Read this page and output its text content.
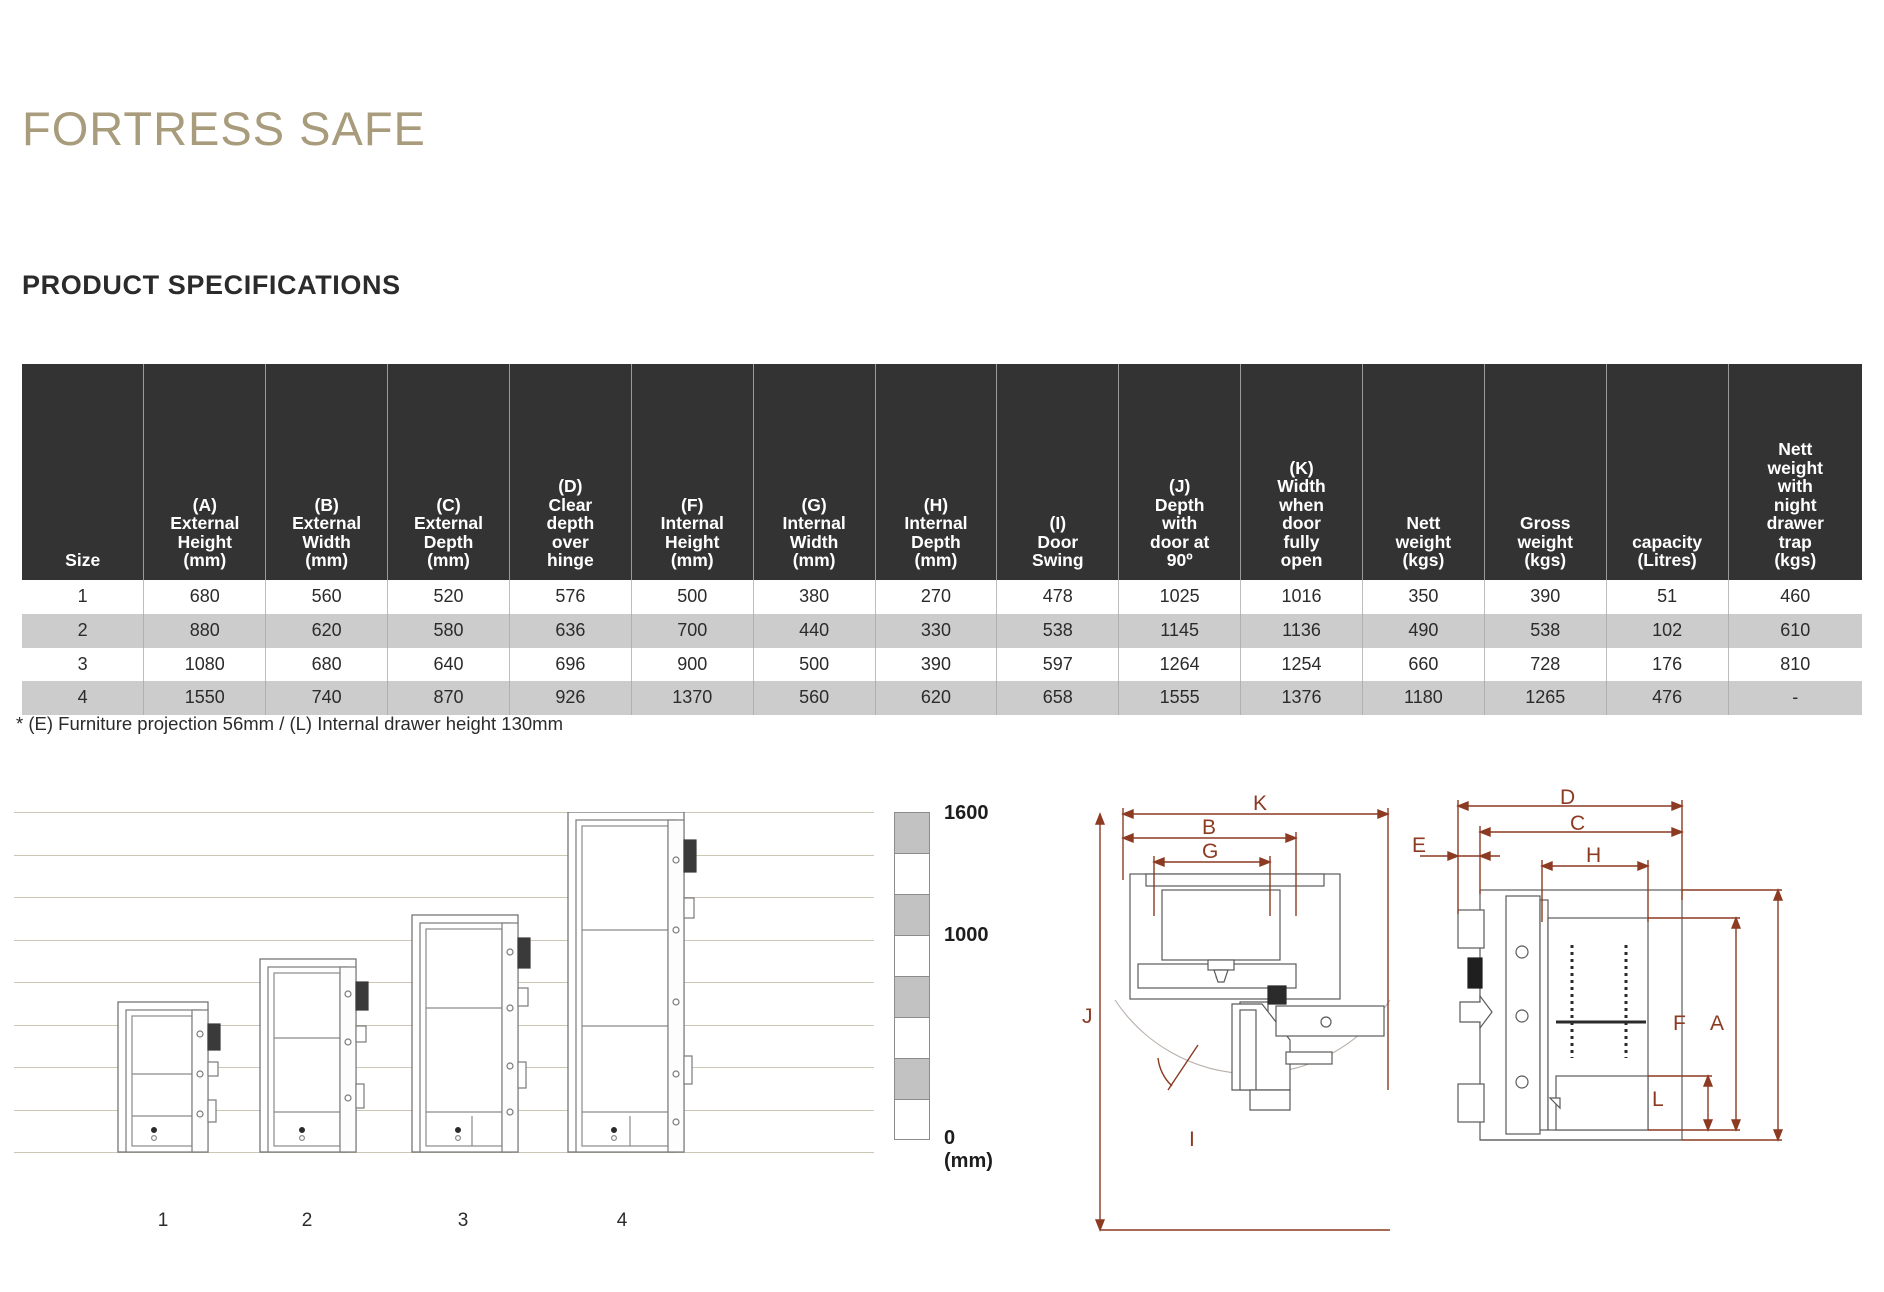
FORTRESS SAFE
PRODUCT SPECIFICATIONS
Size	(A)
External
Height
(mm)	(B)
External
Width
(mm)	(C)
External
Depth
(mm)	(D)
Clear
depth
over
hinge	(F)
Internal
Height
(mm)	(G)
Internal
Width
(mm)	(H)
Internal
Depth
(mm)	(I)
Door
Swing	(J)
Depth
with
door at
90º	(K)
Width
when
door
fully
open	Nett
weight
(kgs)	Gross
weight
(kgs)	capacity
(Litres)	Nett
weight
with
night
drawer
trap
(kgs)
1	680	560	520	576	500	380	270	478	1025	1016	350	390	51	460
2	880	620	580	636	700	440	330	538	1145	1136	490	538	102	610
3	1080	680	640	696	900	500	390	597	1264	1254	660	728	176	810
4	1550	740	870	926	1370	560	620	658	1555	1376	1180	1265	476	-
* (E) Furniture projection 56mm / (L) Internal drawer height 130mm
1600
1000
0 (mm)
1	2	3	4
K
B
G
J
I
D
C
E	H
F A
L
